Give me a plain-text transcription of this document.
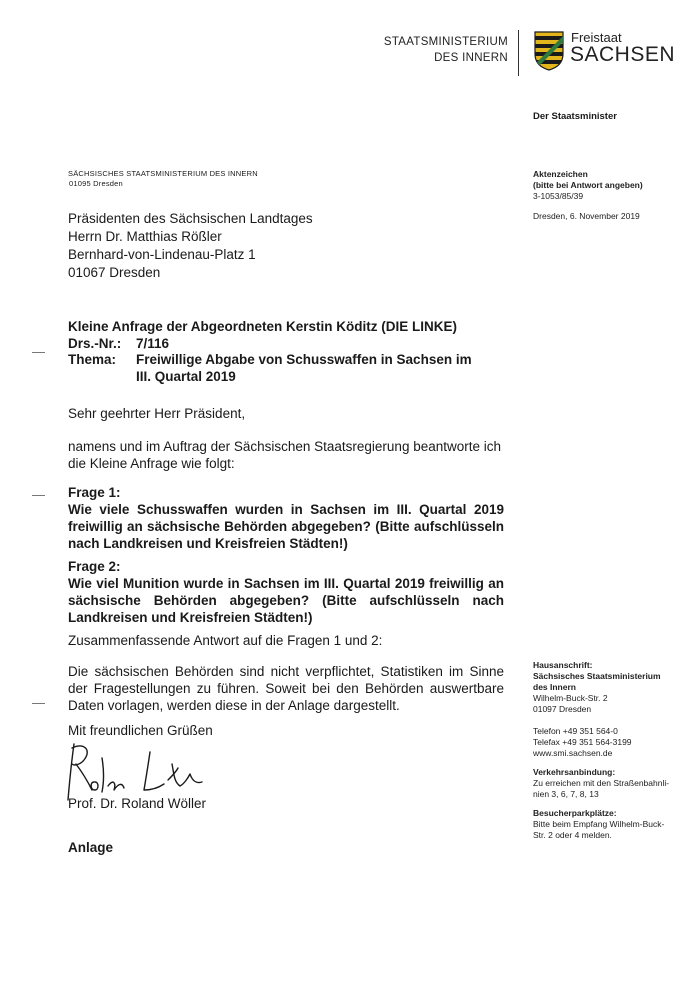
STAATSMINISTERIUM
DES INNERN
Freistaat
SACHSEN
Der Staatsminister
SÄCHSISCHES STAATSMINISTERIUM DES INNERN
01095 Dresden
Präsidenten des Sächsischen Landtages
Herrn Dr. Matthias Rößler
Bernhard-von-Lindenau-Platz 1
01067 Dresden
Aktenzeichen
(bitte bei Antwort angeben)
3-1053/85/39
Dresden, 6. November 2019
Kleine Anfrage der Abgeordneten Kerstin Köditz (DIE LINKE)
Drs.-Nr.: 7/116
Thema: Freiwillige Abgabe von Schusswaffen in Sachsen im
III. Quartal 2019
Sehr geehrter Herr Präsident,
namens und im Auftrag der Sächsischen Staatsregierung beantworte ich die Kleine Anfrage wie folgt:
Frage 1:
Wie viele Schusswaffen wurden in Sachsen im III. Quartal 2019 freiwillig an sächsische Behörden abgegeben? (Bitte aufschlüsseln nach Landkreisen und Kreisfreien Städten!)
Frage 2:
Wie viel Munition wurde in Sachsen im III. Quartal 2019 freiwillig an sächsische Behörden abgegeben? (Bitte aufschlüsseln nach Landkreisen und Kreisfreien Städten!)
Zusammenfassende Antwort auf die Fragen 1 und 2:
Die sächsischen Behörden sind nicht verpflichtet, Statistiken im Sinne der Fragestellungen zu führen. Soweit bei den Behörden auswertbare Daten vorlagen, werden diese in der Anlage dargestellt.
Mit freundlichen Grüßen
Prof. Dr. Roland Wöller
Anlage
Hausanschrift:
Sächsisches Staatsministerium
des Innern
Wilhelm-Buck-Str. 2
01097 Dresden
Telefon +49 351 564-0
Telefax +49 351 564-3199
www.smi.sachsen.de
Verkehrsanbindung:
Zu erreichen mit den Straßenbahnli-
nien 3, 6, 7, 8, 13
Besucherparkplätze:
Bitte beim Empfang Wilhelm-Buck-
Str. 2 oder 4 melden.
